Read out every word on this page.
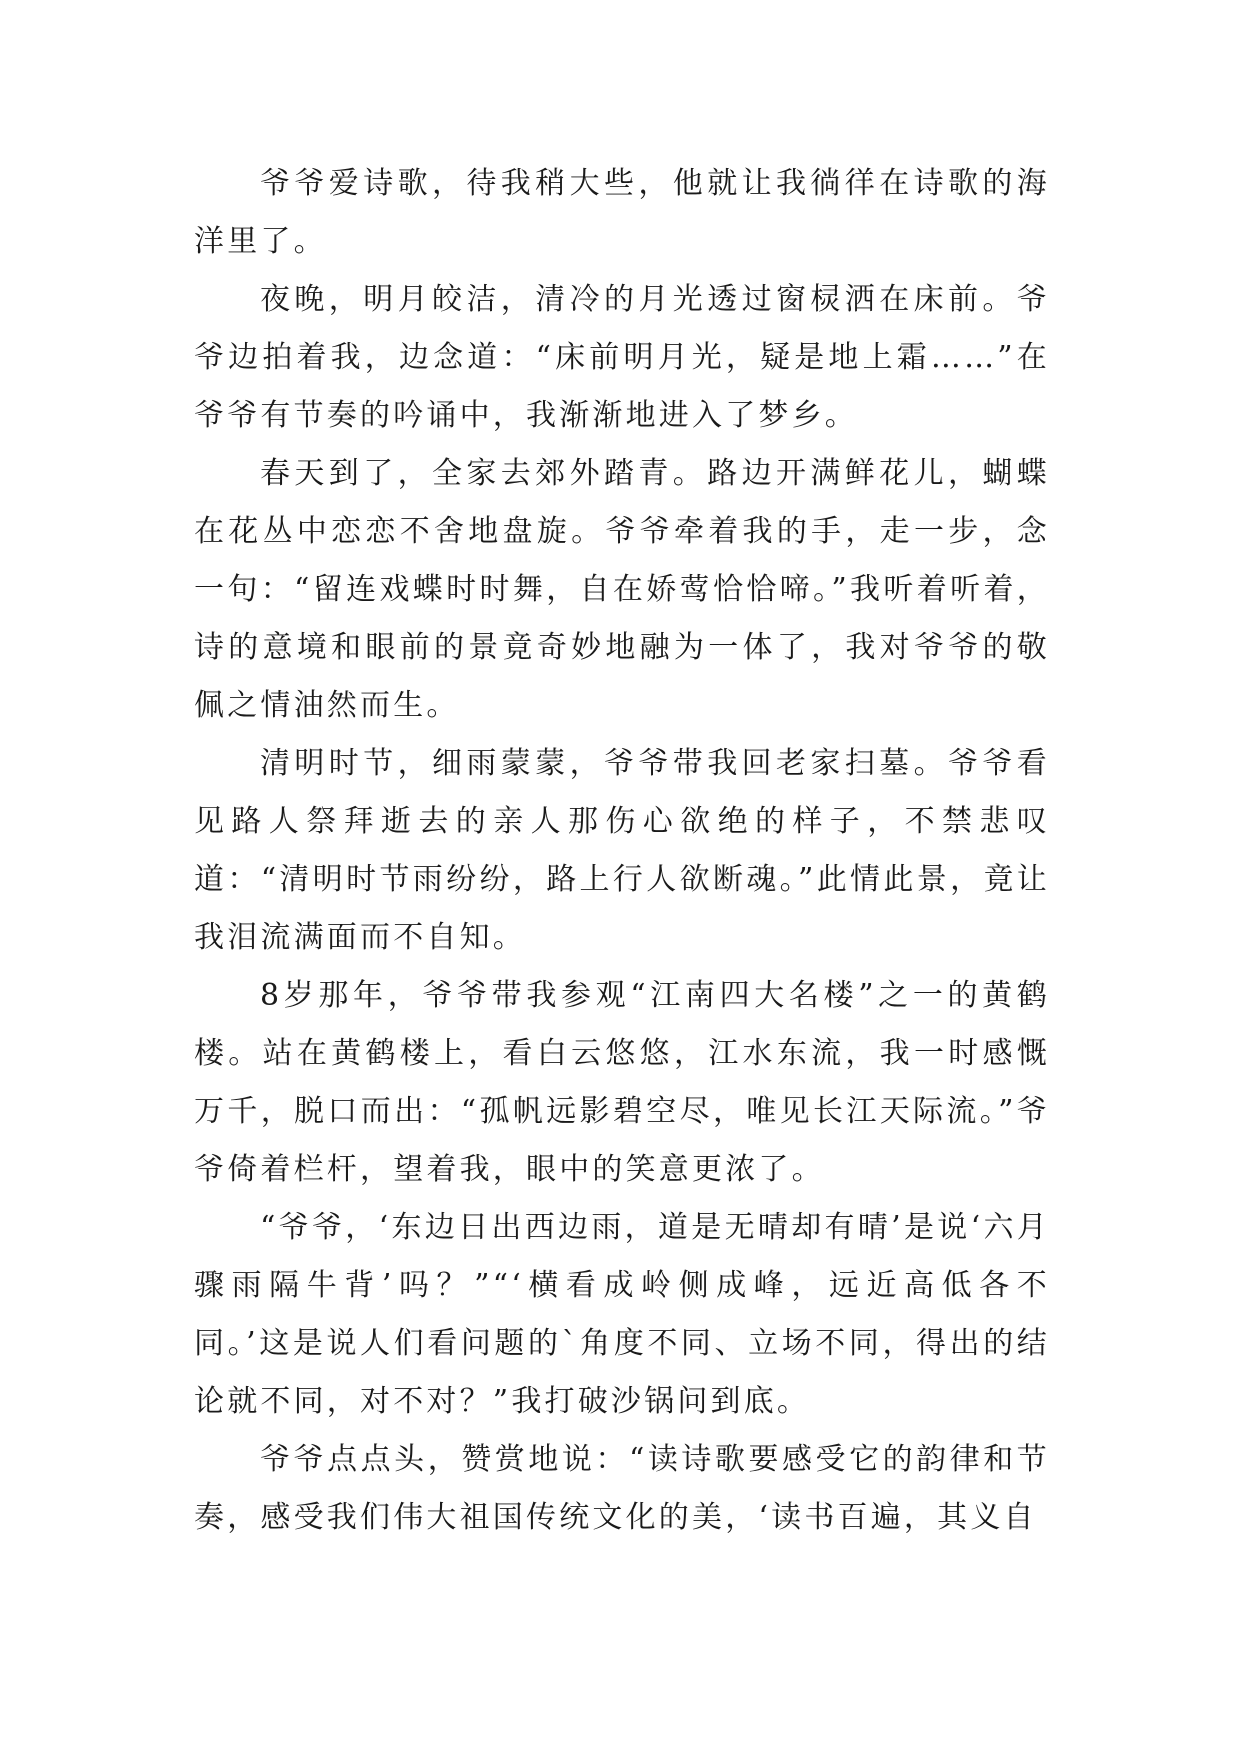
爷爷爱诗歌，待我稍大些，他就让我徜徉在诗歌的海洋里了。

夜晚，明月皎洁，清冷的月光透过窗棂洒在床前。爷爷边拍着我，边念道：“床前明月光，疑是地上霜……”在爷爷有节奏的吟诵中，我渐渐地进入了梦乡。

春天到了，全家去郊外踏青。路边开满鲜花儿，蝴蝶在花丛中恋恋不舍地盘旋。爷爷牵着我的手，走一步，念一句：“留连戏蝶时时舞，自在娇莺恰恰啼。”我听着听着，诗的意境和眼前的景竟奇妙地融为一体了，我对爷爷的敬佩之情油然而生。

清明时节，细雨蒙蒙，爷爷带我回老家扫墓。爷爷看见路人祭拜逝去的亲人那伤心欲绝的样子，不禁悲叹道：“清明时节雨纷纷，路上行人欲断魂。”此情此景，竟让我泪流满面而不自知。

8岁那年，爷爷带我参观“江南四大名楼”之一的黄鹤楼。站在黄鹤楼上，看白云悠悠，江水东流，我一时感慨万千，脱口而出：“孤帆远影碧空尽，唯见长江天际流。”爷爷倚着栏杆，望着我，眼中的笑意更浓了。

“爷爷，‘东边日出西边雨，道是无晴却有晴’是说‘六月骤雨隔牛背’吗？”“‘横看成岭侧成峰，远近高低各不同。’这是说人们看问题的`角度不同、立场不同，得出的结论就不同，对不对？”我打破沙锅问到底。

爷爷点点头，赞赏地说：“读诗歌要感受它的韵律和节奏，感受我们伟大祖国传统文化的美，‘读书百遍，其义自
